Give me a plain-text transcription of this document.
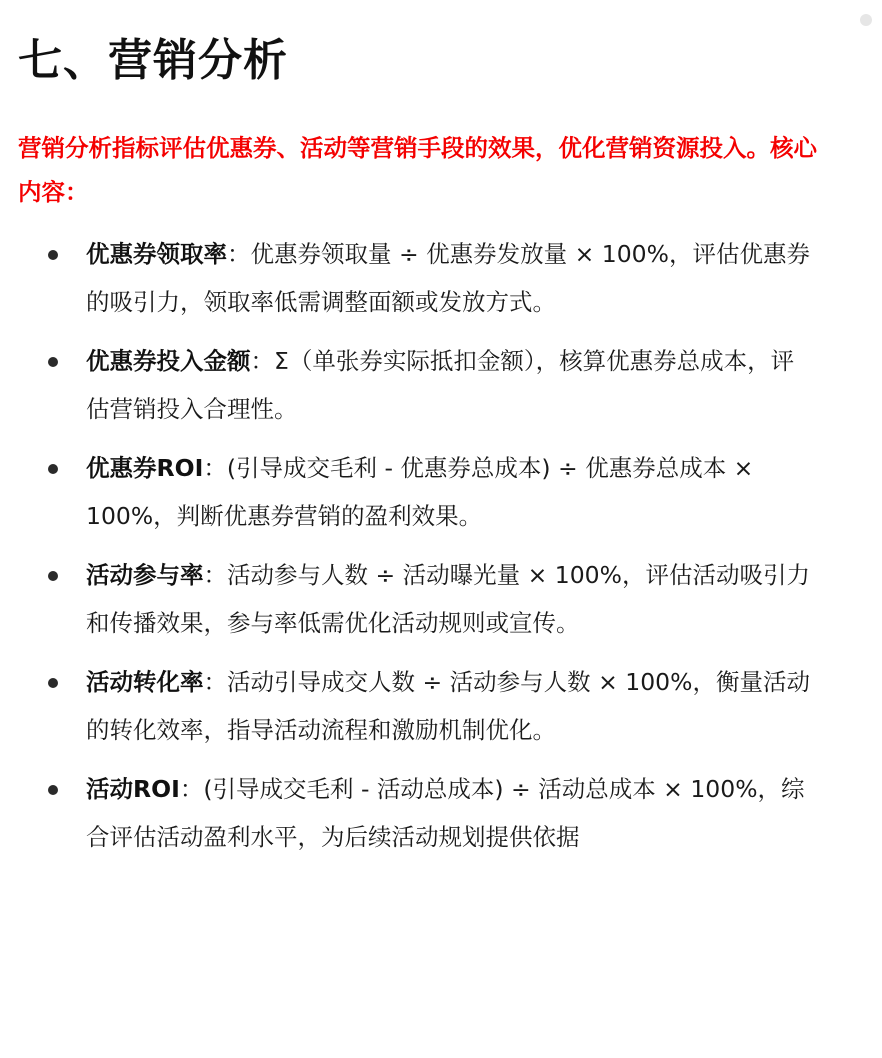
七、营销分析

营销分析指标评估优惠券、活动等营销手段的效果，优化营销资源投入。核心内容：

优惠券领取率：优惠券领取量 ÷ 优惠券发放量 × 100%，评估优惠券的吸引力，领取率低需调整面额或发放方式。
优惠券投入金额：Σ（单张券实际抵扣金额），核算优惠券总成本，评估营销投入合理性。
优惠券ROI：(引导成交毛利 - 优惠券总成本) ÷ 优惠券总成本 × 100%，判断优惠券营销的盈利效果。
活动参与率：活动参与人数 ÷ 活动曝光量 × 100%，评估活动吸引力和传播效果，参与率低需优化活动规则或宣传。
活动转化率：活动引导成交人数 ÷ 活动参与人数 × 100%，衡量活动的转化效率，指导活动流程和激励机制优化。
活动ROI：(引导成交毛利 - 活动总成本) ÷ 活动总成本 × 100%，综合评估活动盈利水平，为后续活动规划提供依据
